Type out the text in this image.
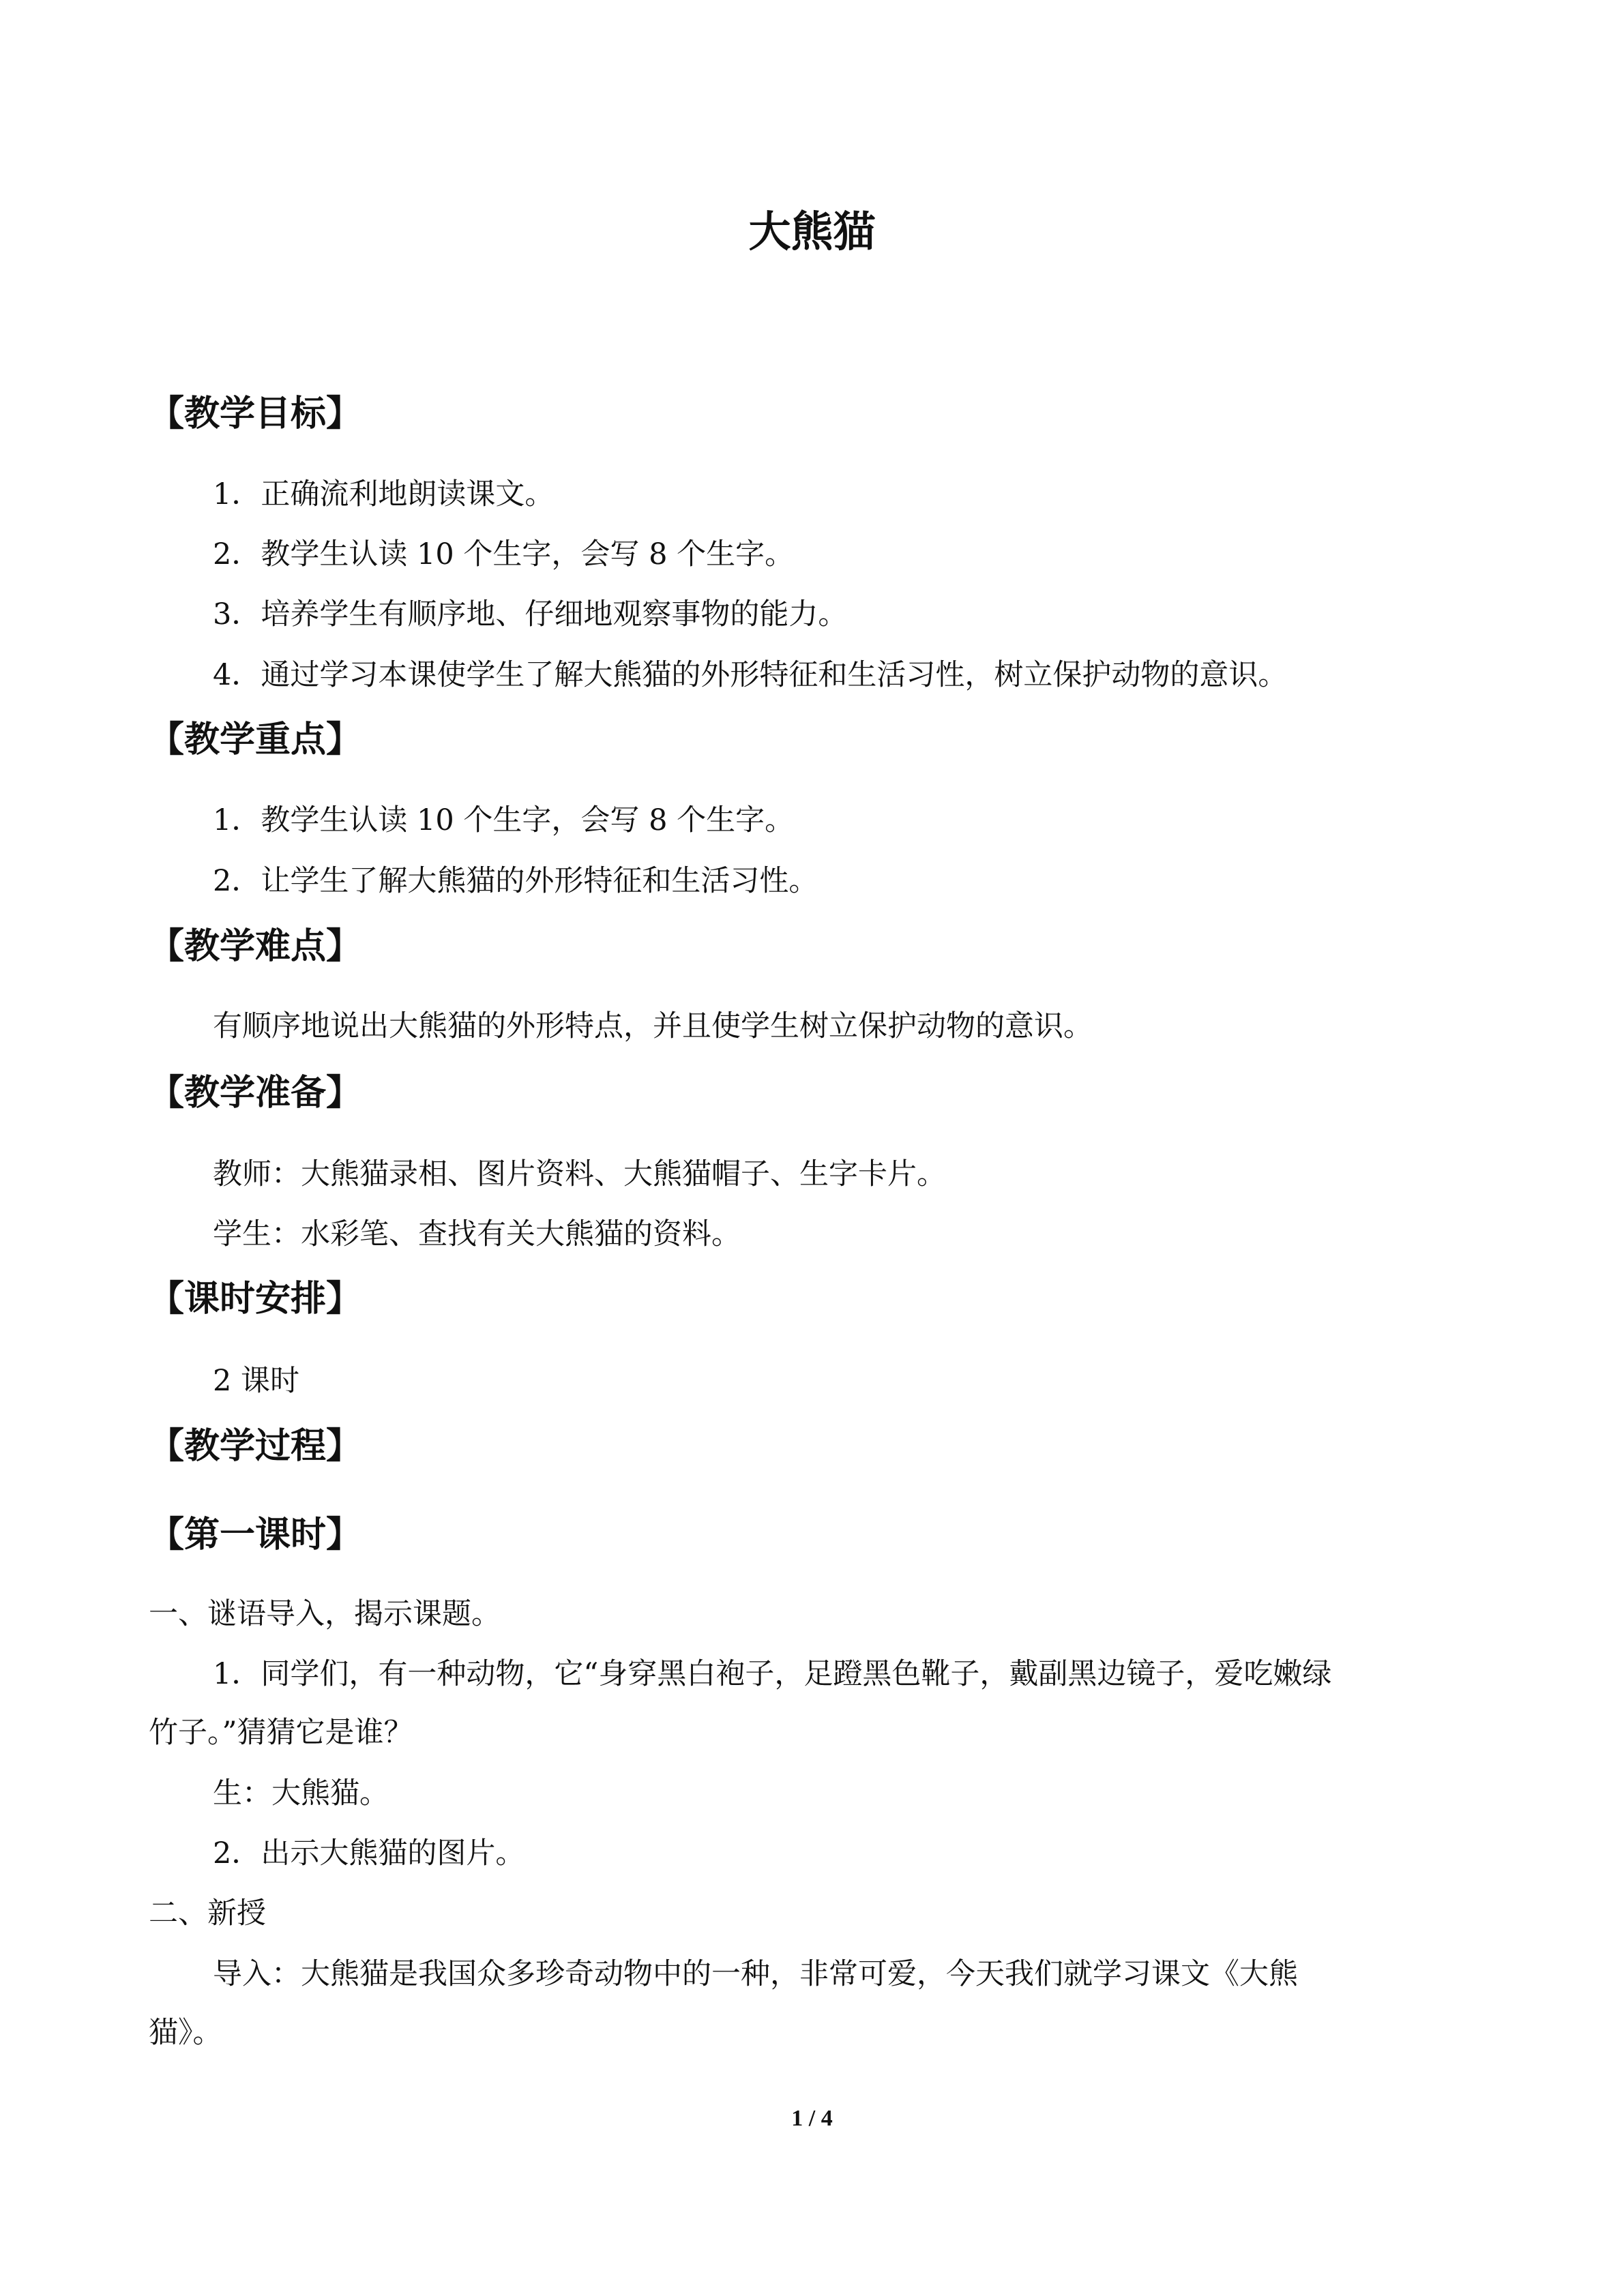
大熊猫
【教学目标】

1．正确流利地朗读课文。

2．教学生认读 10 个生字，会写 8 个生字。

3．培养学生有顺序地、仔细地观察事物的能力。

4．通过学习本课使学生了解大熊猫的外形特征和生活习性，树立保护动物的意识。

【教学重点】

1．教学生认读 10 个生字，会写 8 个生字。

2．让学生了解大熊猫的外形特征和生活习性。

【教学难点】

有顺序地说出大熊猫的外形特点，并且使学生树立保护动物的意识。

【教学准备】

教师：大熊猫录相、图片资料、大熊猫帽子、生字卡片。

学生：水彩笔、查找有关大熊猫的资料。

【课时安排】

2 课时

【教学过程】
【第一课时】

一、谜语导入，揭示课题。

1．同学们，有一种动物，它“身穿黑白袍子，足蹬黑色靴子，戴副黑边镜子，爱吃嫩绿

竹子。”猜猜它是谁？

生：大熊猫。

2．出示大熊猫的图片。

二、新授

导入：大熊猫是我国众多珍奇动物中的一种，非常可爱，今天我们就学习课文《大熊

猫》。

1 / 4
